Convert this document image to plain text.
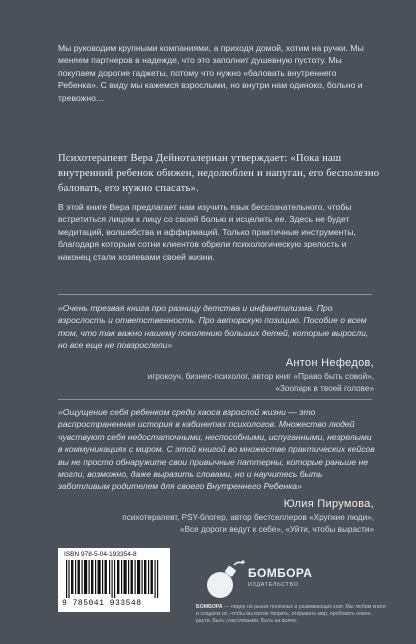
Мы руководим крупными компаниями, а приходя домой, хотим на ручки. Мы меняем партнеров в надежде, что это заполнит душевную пустоту. Мы покупаем дорогие гаджеты, потому что нужно «баловать внутреннего Ребенка». С виду мы кажемся взрослыми, но внутри нам одиноко, больно и тревожно…
Психотерапевт Вера Дейноталериан утверждает: «Пока наш внутренний ребенок обижен, недолюблен и напуган, его бесполезно баловать, его нужно спасать».
В этой книге Вера предлагает нам изучить язык бессознательного, чтобы встретиться лицом к лицу со своей болью и исцелить ее. Здесь не будет медитаций, волшебства и аффирмаций. Только практичные инструменты, благодаря которым сотни клиентов обрели психологическую зрелость и наконец стали хозяевами своей жизни.
«Очень трезвая книга про разницу детства и инфантилизма. Про взрослость и ответственность. Про авторскую позицию. Пособие о всем том, что так важно нашему поколению больших детей, которые выросли, но все еще не повзрослели»
Антон Нефедов,
игрокоуч, бизнес-психолог, автор книг «Право быть совой»,
«Зоопарк в твоей голове»
«Ощущение себя ребенком среди хаоса взрослой жизни — это распространенная история в кабинетах психологов. Множество людей чувствуют себя недостаточными, неспособными, испуганными, незрелыми в коммуникациях с миром. С этой книгой во множестве практических кейсов вы не просто обнаружите свои привычные паттерны, которые раньше не могли, возможно, даже выразить словами, но и научитесь быть заботливым родителем для своего Внутреннего Ребенка»
Юлия Пирумова,
психотерапевт, PSY-блогер, автор бестселлеров «Хрупкие люди»,
«Все дороги ведут к себе», «Уйти, чтобы вырасти»
ISBN 978-5-04-193354-8
9 785041 933548
БОМБОРА
ИЗДАТЕЛЬСТВО
БОМБОРА — лидер на рынке полезных и развивающих книг. Мы любим книги и создаем их, чтобы вы могли творить, открывать мир, пробовать новое, расти. Быть счастливыми. Быть на волне.
